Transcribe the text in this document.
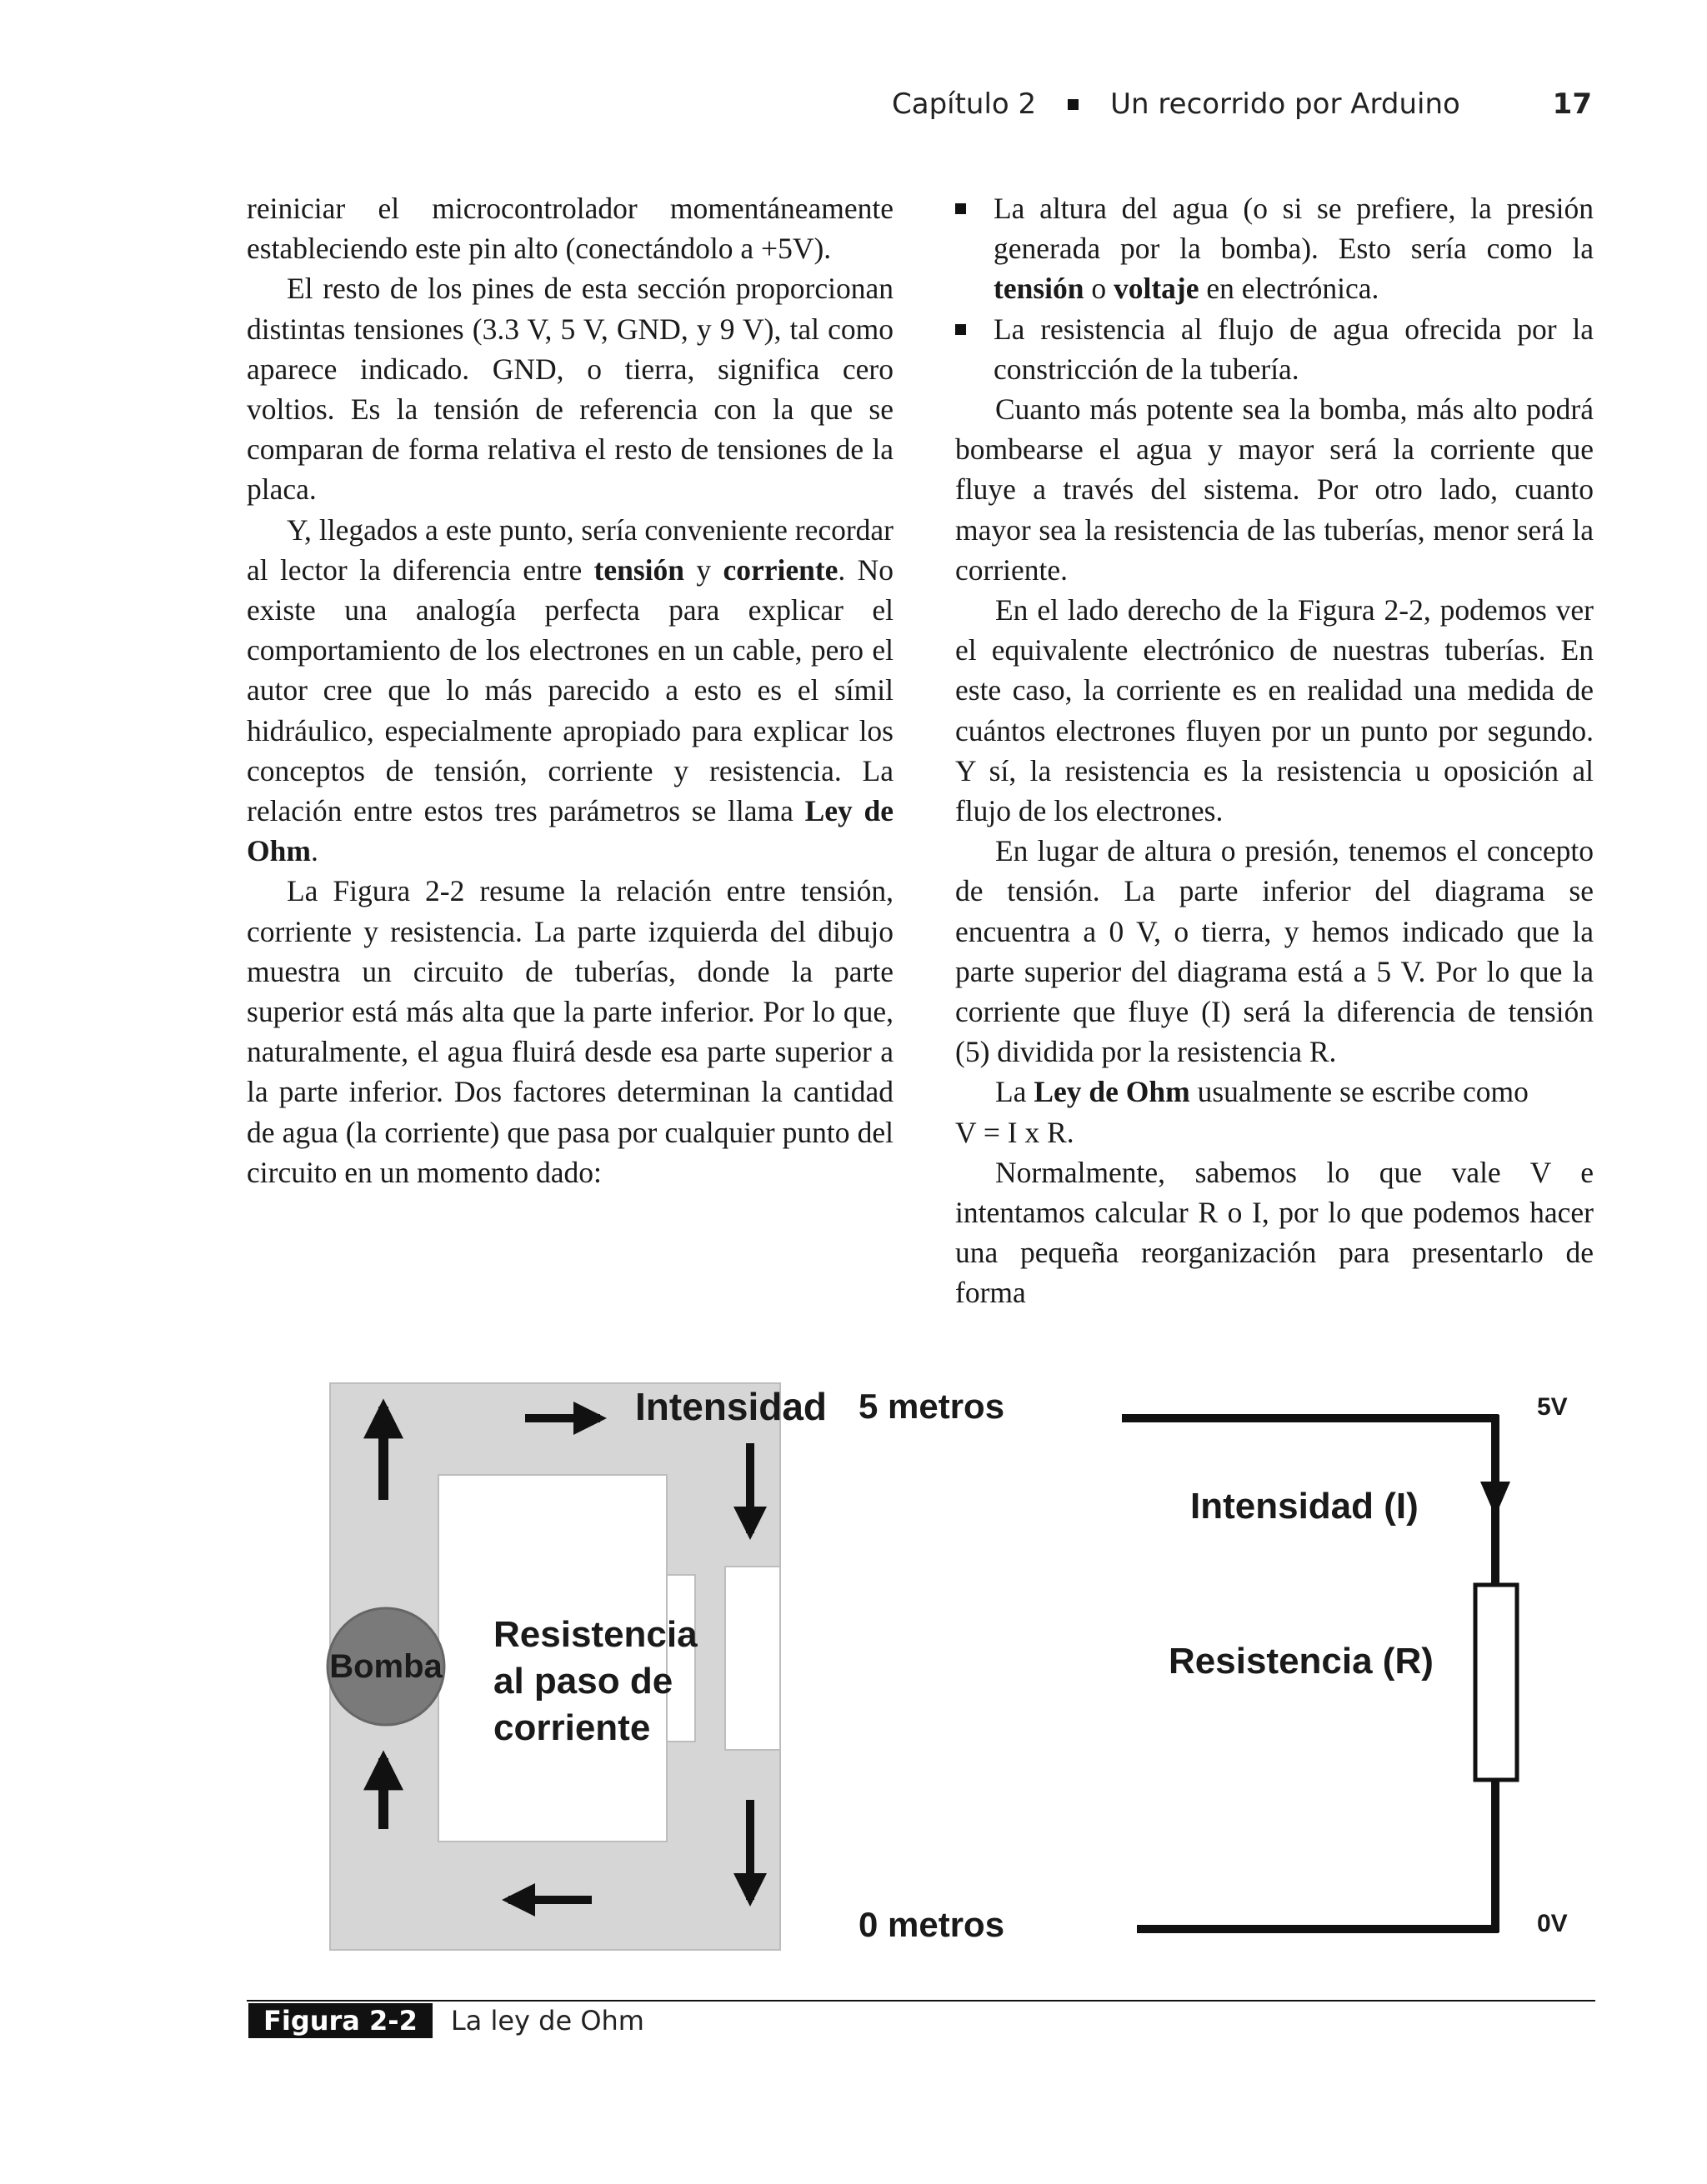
Capítulo 2	Un recorrido por Arduino	17

reiniciar el microcontrolador momentáneamente estableciendo este pin alto (conectándolo a +5V).

El resto de los pines de esta sección proporcionan distintas tensiones (3.3 V, 5 V, GND, y 9 V), tal como aparece indicado. GND, o tierra, significa cero voltios. Es la tensión de referencia con la que se comparan de forma relativa el resto de tensiones de la placa.

Y, llegados a este punto, sería conveniente recordar al lector la diferencia entre tensión y corriente. No existe una analogía perfecta para explicar el comportamiento de los electrones en un cable, pero el autor cree que lo más parecido a esto es el símil hidráulico, especialmente apropiado para explicar los conceptos de tensión, corriente y resistencia. La relación entre estos tres parámetros se llama Ley de Ohm.

La Figura 2-2 resume la relación entre tensión, corriente y resistencia. La parte izquierda del dibujo muestra un circuito de tuberías, donde la parte superior está más alta que la parte inferior. Por lo que, naturalmente, el agua fluirá desde esa parte superior a la parte inferior. Dos factores determinan la cantidad de agua (la corriente) que pasa por cualquier punto del circuito en un momento dado:

La altura del agua (o si se prefiere, la presión generada por la bomba). Esto sería como la tensión o voltaje en electrónica.
La resistencia al flujo de agua ofrecida por la constricción de la tubería.

Cuanto más potente sea la bomba, más alto podrá bombearse el agua y mayor será la corriente que fluye a través del sistema. Por otro lado, cuanto mayor sea la resistencia de las tuberías, menor será la corriente.

En el lado derecho de la Figura 2-2, podemos ver el equivalente electrónico de nuestras tuberías. En este caso, la corriente es en realidad una medida de cuántos electrones fluyen por un punto por segundo. Y sí, la resistencia es la resistencia u oposición al flujo de los electrones.

En lugar de altura o presión, tenemos el concepto de tensión. La parte inferior del diagrama se encuentra a 0 V, o tierra, y hemos indicado que la parte superior del diagrama está a 5 V. Por lo que la corriente que fluye (I) será la diferencia de tensión (5) dividida por la resistencia R.

La Ley de Ohm usualmente se escribe como
V = I x R.

Normalmente, sabemos lo que vale V e intentamos calcular R o I, por lo que podemos hacer una pequeña reorganización para presentarlo de forma

Bomba
Intensidad
Resistencia
al paso de
corriente
5 metros
0 metros
Intensidad (I)
Resistencia (R)
5V
0V
Figura 2-2	La ley de Ohm
